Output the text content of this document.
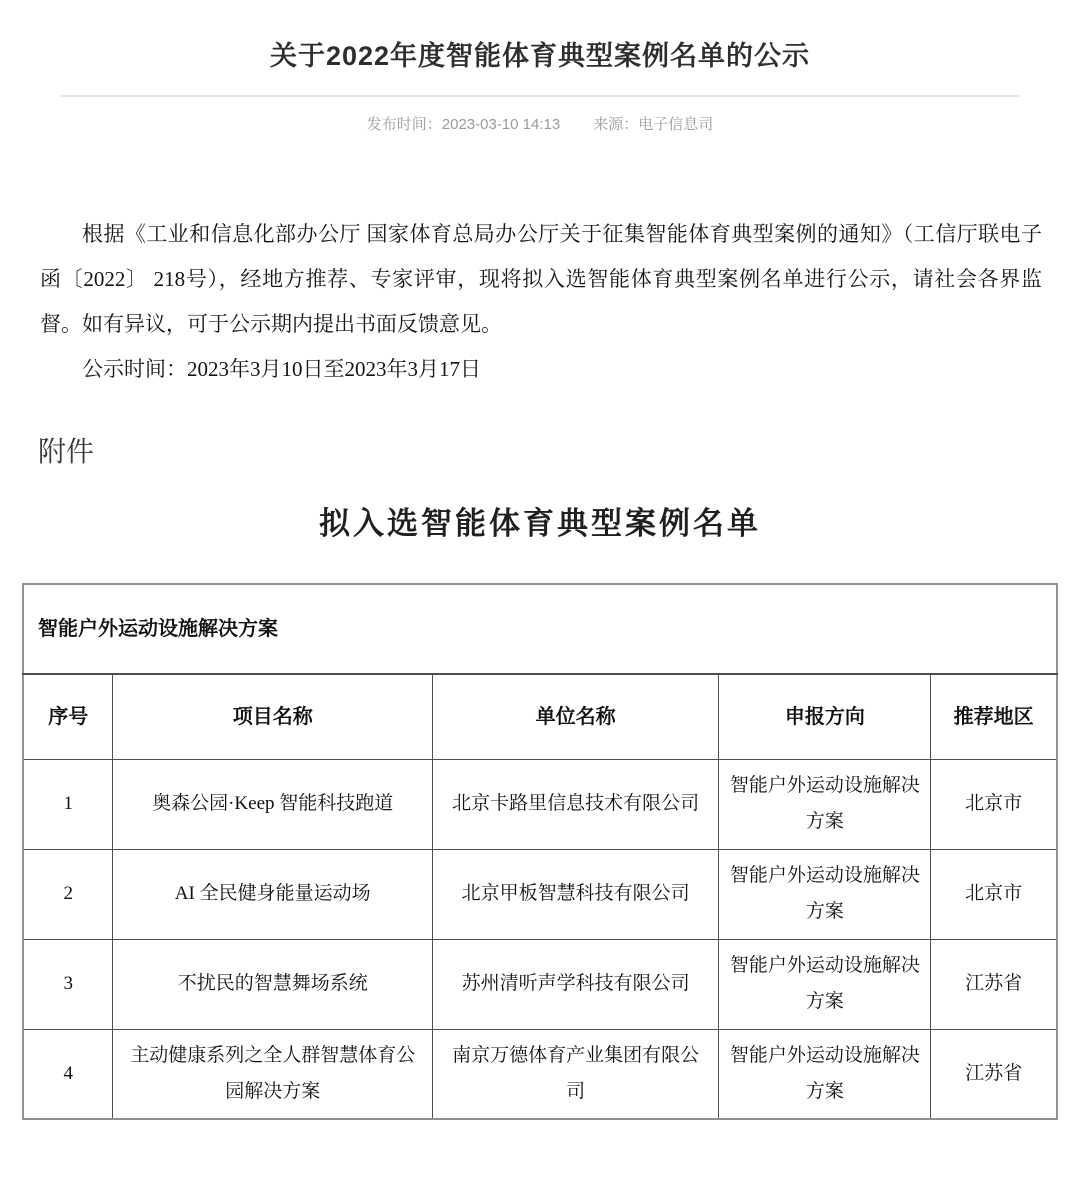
关于2022年度智能体育典型案例名单的公示
发布时间：2023-03-10 14:13 来源：电子信息司

根据《工业和信息化部办公厅 国家体育总局办公厅关于征集智能体育典型案例的通知》（工信厅联电子函〔2022〕 218号），经地方推荐、专家评审，现将拟入选智能体育典型案例名单进行公示，请社会各界监督。如有异议，可于公示期内提出书面反馈意见。

公示时间：2023年3月10日至2023年3月17日

附件
拟入选智能体育典型案例名单
智能户外运动设施解决方案				
序号	项目名称	单位名称	申报方向	推荐地区
1	奥森公园·Keep 智能科技跑道	北京卡路里信息技术有限公司	智能户外运动设施解决方案	北京市
2	AI 全民健身能量运动场	北京甲板智慧科技有限公司	智能户外运动设施解决方案	北京市
3	不扰民的智慧舞场系统	苏州清听声学科技有限公司	智能户外运动设施解决方案	江苏省
4	主动健康系列之全人群智慧体育公园解决方案	南京万德体育产业集团有限公司	智能户外运动设施解决方案	江苏省
